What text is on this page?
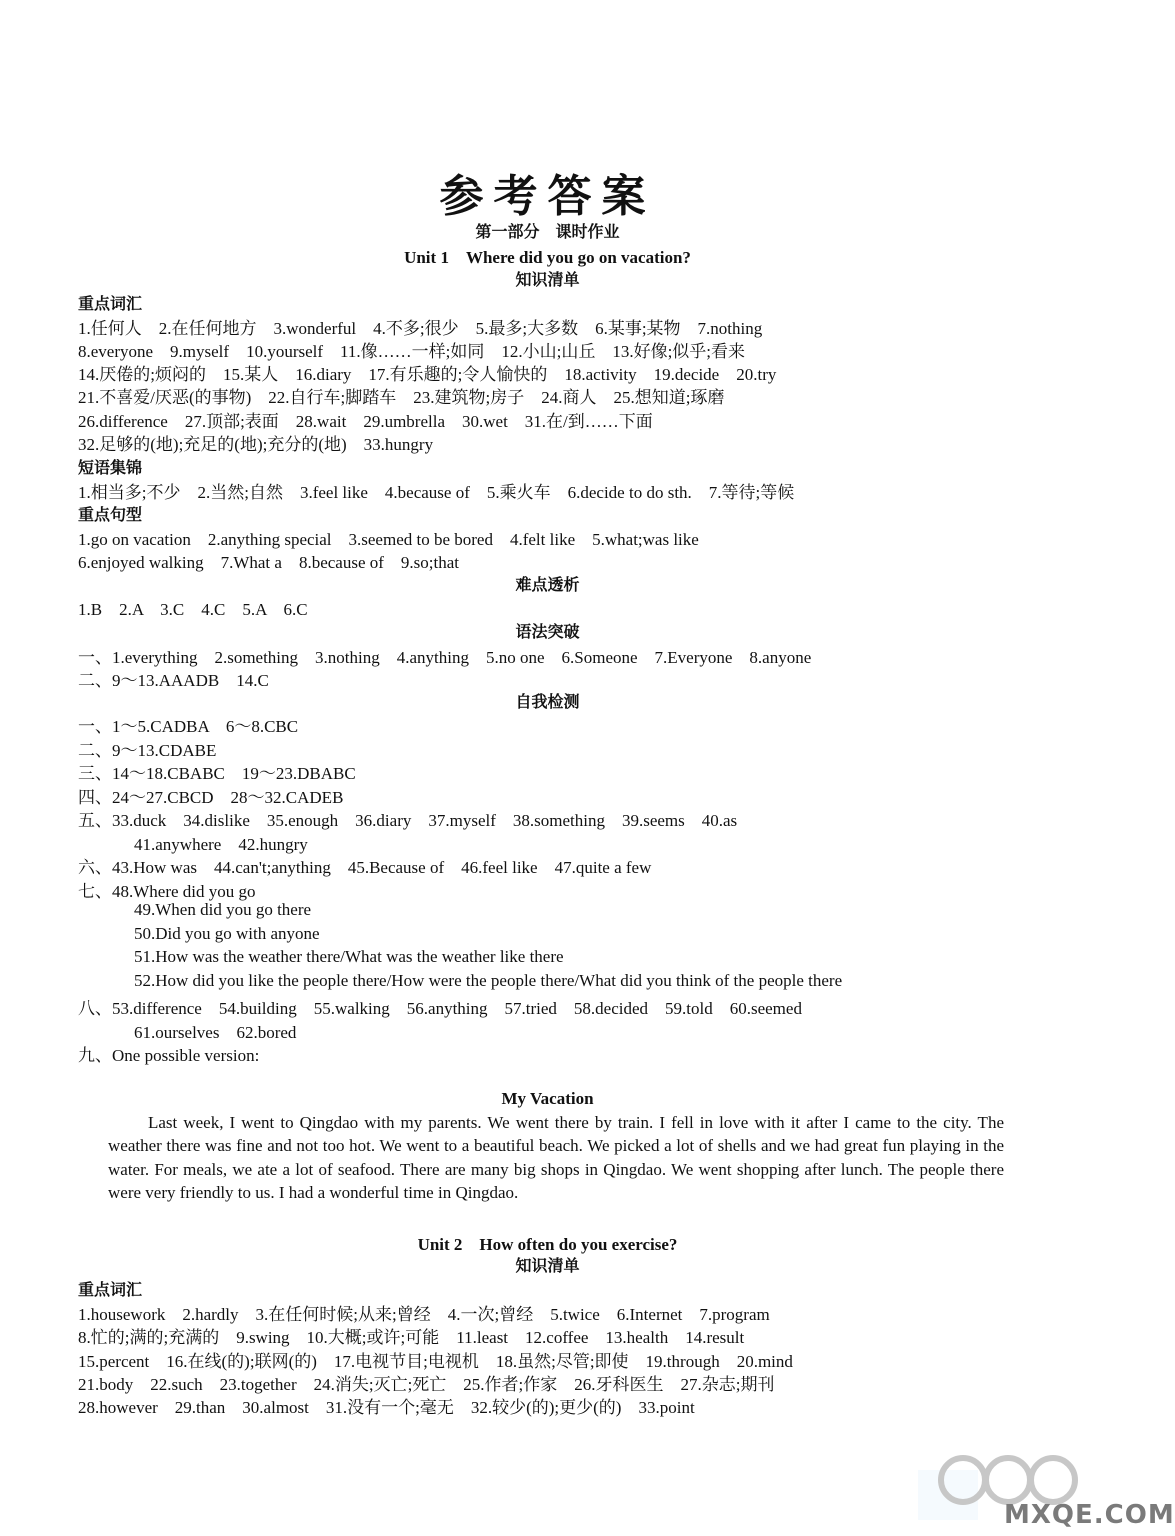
参考答案
第一部分　课时作业
Unit 1　Where did you go on vacation?
知识清单
重点词汇
1.任何人　2.在任何地方　3.wonderful　4.不多;很少　5.最多;大多数　6.某事;某物　7.nothing
8.everyone　9.myself　10.yourself　11.像……一样;如同　12.小山;山丘　13.好像;似乎;看来
14.厌倦的;烦闷的　15.某人　16.diary　17.有乐趣的;令人愉快的　18.activity　19.decide　20.try
21.不喜爱/厌恶(的事物)　22.自行车;脚踏车　23.建筑物;房子　24.商人　25.想知道;琢磨
26.difference　27.顶部;表面　28.wait　29.umbrella　30.wet　31.在/到……下面
32.足够的(地);充足的(地);充分的(地)　33.hungry
短语集锦
1.相当多;不少　2.当然;自然　3.feel like　4.because of　5.乘火车　6.decide to do sth.　7.等待;等候
重点句型
1.go on vacation　2.anything special　3.seemed to be bored　4.felt like　5.what;was like
6.enjoyed walking　7.What a　8.because of　9.so;that
难点透析
1.B　2.A　3.C　4.C　5.A　6.C
语法突破
一、1.everything　2.something　3.nothing　4.anything　5.no one　6.Someone　7.Everyone　8.anyone
二、9～13.AAADB　14.C
自我检测
一、1～5.CADBA　6～8.CBC
二、9～13.CDABE
三、14～18.CBABC　19～23.DBABC
四、24～27.CBCD　28～32.CADEB
五、33.duck　34.dislike　35.enough　36.diary　37.myself　38.something　39.seems　40.as
41.anywhere　42.hungry
六、43.How was　44.can't;anything　45.Because of　46.feel like　47.quite a few
七、48.Where did you go
49.When did you go there
50.Did you go with anyone
51.How was the weather there/What was the weather like there
52.How did you like the people there/How were the people there/What did you think of the people there
八、53.difference　54.building　55.walking　56.anything　57.tried　58.decided　59.told　60.seemed
61.ourselves　62.bored
九、One possible version:
My Vacation
Last week, I went to Qingdao with my parents. We went there by train. I fell in love with it after I came to the city. The weather there was fine and not too hot. We went to a beautiful beach. We picked a lot of shells and we had great fun playing in the water. For meals, we ate a lot of seafood. There are many big shops in Qingdao. We went shopping after lunch. The people there were very friendly to us. I had a wonderful time in Qingdao.
Unit 2　How often do you exercise?
知识清单
重点词汇
1.housework　2.hardly　3.在任何时候;从来;曾经　4.一次;曾经　5.twice　6.Internet　7.program
8.忙的;满的;充满的　9.swing　10.大概;或许;可能　11.least　12.coffee　13.health　14.result
15.percent　16.在线(的);联网(的)　17.电视节目;电视机　18.虽然;尽管;即使　19.through　20.mind
21.body　22.such　23.together　24.消失;灭亡;死亡　25.作者;作家　26.牙科医生　27.杂志;期刊
28.however　29.than　30.almost　31.没有一个;毫无　32.较少(的);更少(的)　33.point
MXQE.COM
